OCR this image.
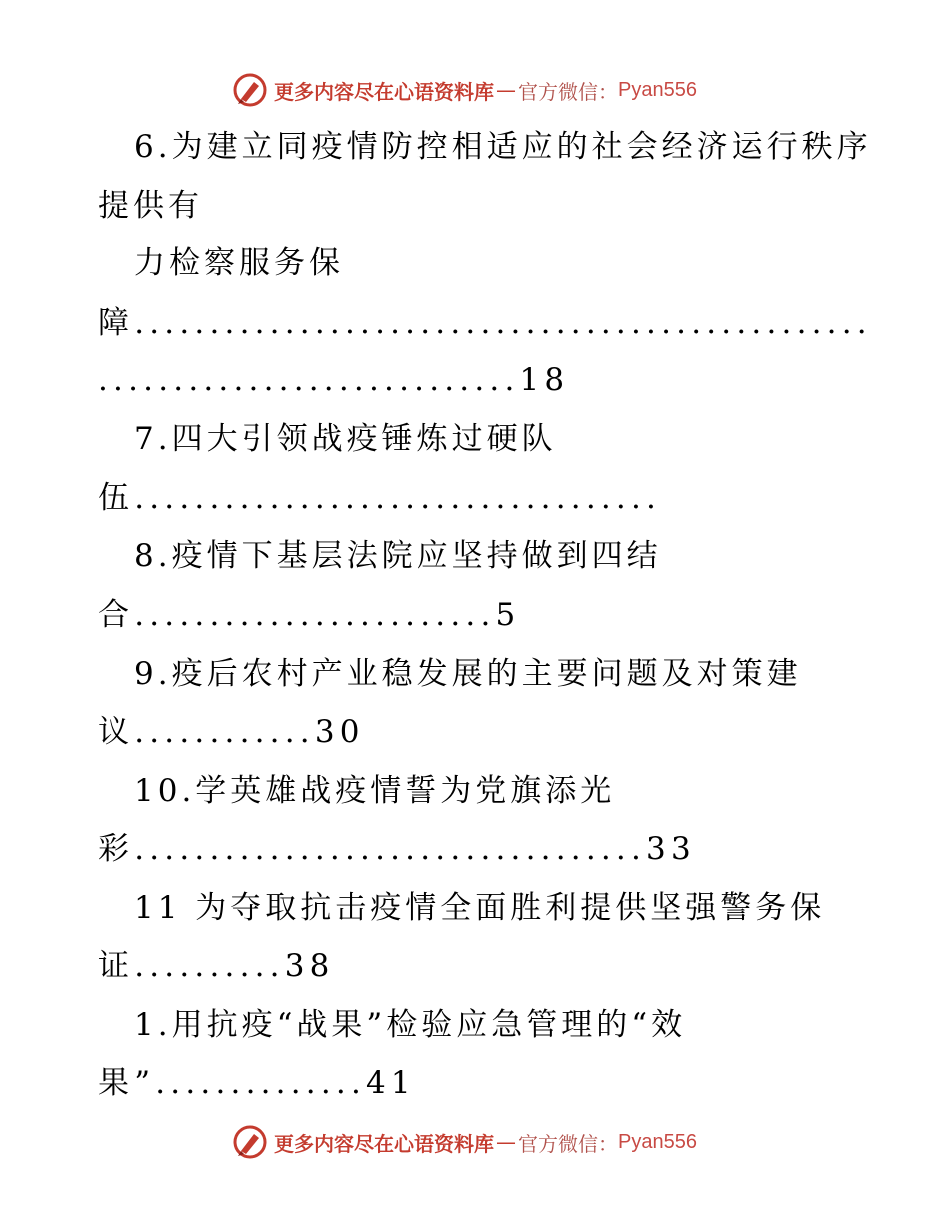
更多内容尽在心语资料库 — 官方微信： Pyan556
6.为建立同疫情防控相适应的社会经济运行秩序
提供有
力检察服务保
障.................................................
............................18
7.四大引领战疫锤炼过硬队
伍...................................
8.疫情下基层法院应坚持做到四结
合........................5
9.疫后农村产业稳发展的主要问题及对策建
议............30
10.学英雄战疫情誓为党旗添光
彩..................................33
11 为夺取抗击疫情全面胜利提供坚强警务保
证..........38
1.用抗疫“战果”检验应急管理的“效
果”..............41
更多内容尽在心语资料库 — 官方微信： Pyan556
